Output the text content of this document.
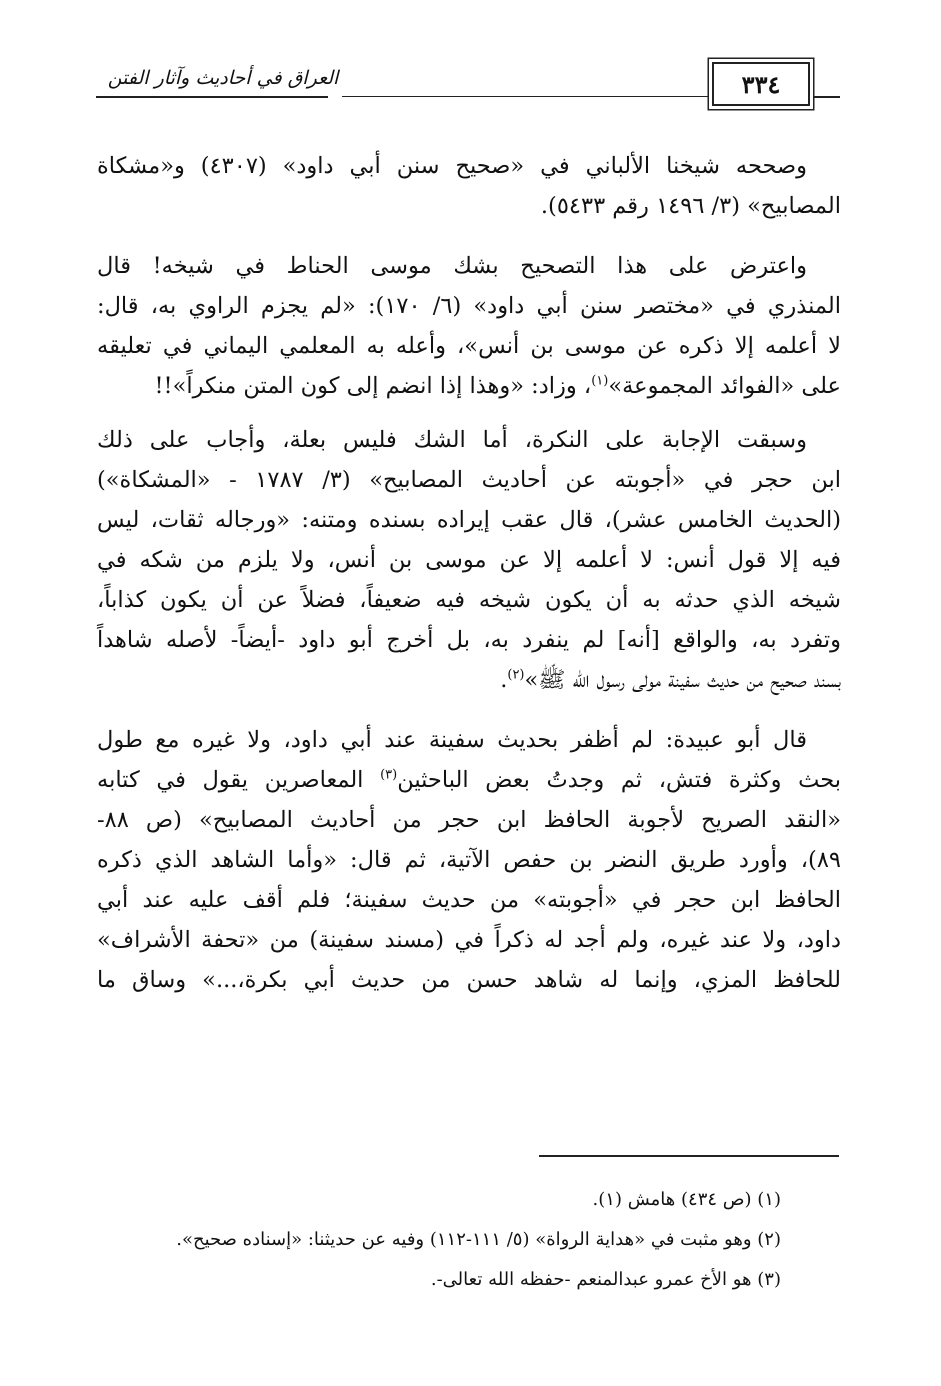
العراق في أحاديث وآثار الفتن	٣٣٤

وصححه شيخنا الألباني في «صحيح سنن أبي داود» (٤٣٠٧) و«مشكاة
المصابيح» (٣/ ١٤٩٦ رقم ٥٤٣٣).

واعترض على هذا التصحيح بشك موسى الحناط في شيخه! قال
المنذري في «مختصر سنن أبي داود» (٦/ ١٧٠): «لم يجزم الراوي به، قال:
لا أعلمه إلا ذكره عن موسى بن أنس»، وأعله به المعلمي اليماني في تعليقه
على «الفوائد المجموعة»$^{(١)}$، وزاد: «وهذا إذا انضم إلى كون المتن منكراً»!!

وسبقت الإجابة على النكرة، أما الشك فليس بعلة، وأجاب على ذلك
ابن حجر في «أجوبته عن أحاديث المصابيح» (٣/ ١٧٨٧ - «المشكاة»)
(الحديث الخامس عشر)، قال عقب إيراده بسنده ومتنه: «ورجاله ثقات، ليس
فيه إلا قول أنس: لا أعلمه إلا عن موسى بن أنس، ولا يلزم من شكه في
شيخه الذي حدثه به أن يكون شيخه فيه ضعيفاً، فضلاً عن أن يكون كذاباً،
وتفرد به، والواقع [أنه] لم ينفرد به، بل أخرج أبو داود -أيضاً- لأصله شاهداً
بسند صحيح من حديث سفينة مولى رسول الله ﷺ»$^{(٢)}$.

قال أبو عبيدة: لم أظفر بحديث سفينة عند أبي داود، ولا غيره مع طول
بحث وكثرة فتش، ثم وجدتُ بعض الباحثين$^{(٣)}$ المعاصرين يقول في كتابه
«النقد الصريح لأجوبة الحافظ ابن حجر من أحاديث المصابيح» (ص ٨٨-
٨٩)، وأورد طريق النضر بن حفص الآتية، ثم قال: «وأما الشاهد الذي ذكره
الحافظ ابن حجر في «أجوبته» من حديث سفينة؛ فلم أقف عليه عند أبي
داود، ولا عند غيره، ولم أجد له ذكراً في (مسند سفينة) من «تحفة الأشراف»
للحافظ المزي، وإنما له شاهد حسن من حديث أبي بكرة،...» وساق ما

(١) (ص ٤٣٤) هامش (١).
(٢) وهو مثبت في «هداية الرواة» (٥/ ١١١-١١٢) وفيه عن حديثنا: «إسناده صحيح».
(٣) هو الأخ عمرو عبدالمنعم -حفظه الله تعالى-.
